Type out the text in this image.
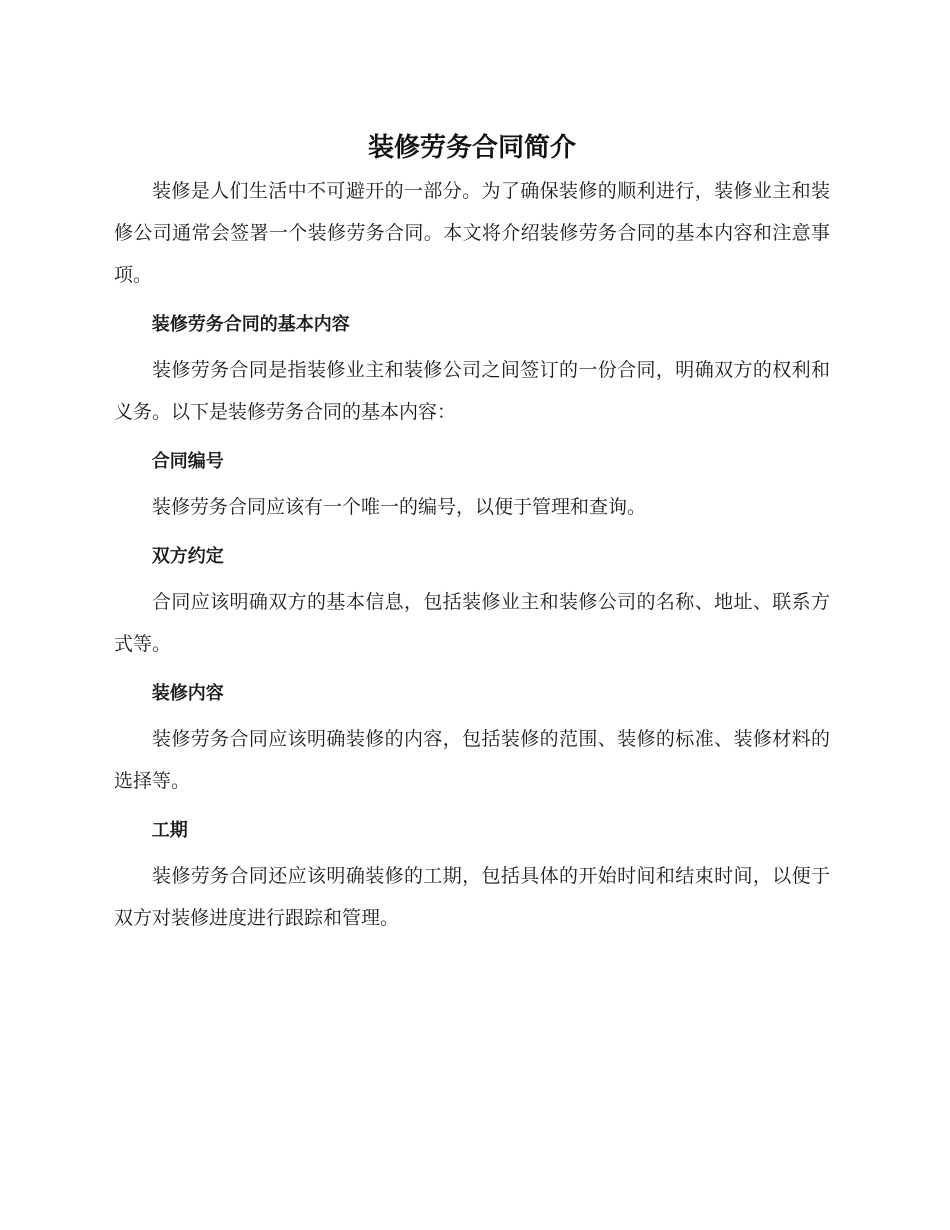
装修劳务合同简介

装修是人们生活中不可避开的一部分。为了确保装修的顺利进行，装修业主和装修公司通常会签署一个装修劳务合同。本文将介绍装修劳务合同的基本内容和注意事项。

装修劳务合同的基本内容

装修劳务合同是指装修业主和装修公司之间签订的一份合同，明确双方的权利和义务。以下是装修劳务合同的基本内容：

合同编号

装修劳务合同应该有一个唯一的编号，以便于管理和查询。

双方约定

合同应该明确双方的基本信息，包括装修业主和装修公司的名称、地址、联系方式等。

装修内容

装修劳务合同应该明确装修的内容，包括装修的范围、装修的标准、装修材料的选择等。

工期

装修劳务合同还应该明确装修的工期，包括具体的开始时间和结束时间，以便于双方对装修进度进行跟踪和管理。
